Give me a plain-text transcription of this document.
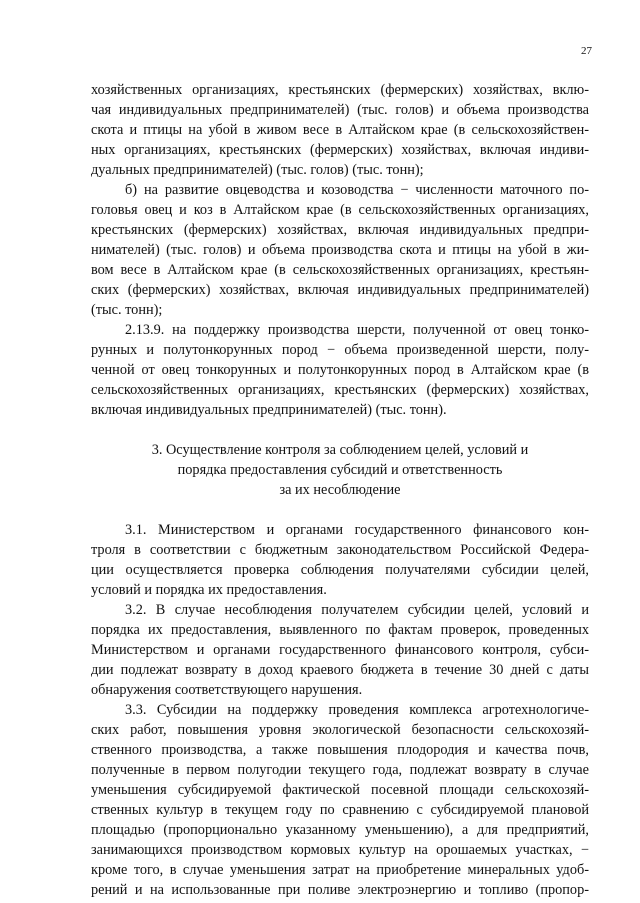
27
хозяйственных организациях, крестьянских (фермерских) хозяйствах, вклю-
чая индивидуальных предпринимателей) (тыс. голов) и объема производства
скота и птицы на убой в живом весе в Алтайском крае (в сельскохозяйствен-
ных организациях, крестьянских (фермерских) хозяйствах, включая индиви-
дуальных предпринимателей) (тыс. голов) (тыс. тонн);
б) на развитие овцеводства и козоводства − численности маточного по-
головья овец и коз в Алтайском крае (в сельскохозяйственных организациях,
крестьянских (фермерских) хозяйствах, включая индивидуальных предпри-
нимателей) (тыс. голов) и объема производства скота и птицы на убой в жи-
вом весе в Алтайском крае (в сельскохозяйственных организациях, крестьян-
ских (фермерских) хозяйствах, включая индивидуальных предпринимателей)
(тыс. тонн);
2.13.9. на поддержку производства шерсти, полученной от овец тонко-
рунных и полутонкорунных пород − объема произведенной шерсти, полу-
ченной от овец тонкорунных и полутонкорунных пород в Алтайском крае (в
сельскохозяйственных организациях, крестьянских (фермерских) хозяйствах,
включая индивидуальных предпринимателей) (тыс. тонн).
3. Осуществление контроля за соблюдением целей, условий и
порядка предоставления субсидий и ответственность
за их несоблюдение
3.1. Министерством и органами государственного финансового кон-
троля в соответствии с бюджетным законодательством Российской Федера-
ции осуществляется проверка соблюдения получателями субсидии целей,
условий и порядка их предоставления.
3.2. В случае несоблюдения получателем субсидии целей, условий и
порядка их предоставления, выявленного по фактам проверок, проведенных
Министерством и органами государственного финансового контроля, субси-
дии подлежат возврату в доход краевого бюджета в течение 30 дней с даты
обнаружения соответствующего нарушения.
3.3. Субсидии на поддержку проведения комплекса агротехнологиче-
ских работ, повышения уровня экологической безопасности сельскохозяй-
ственного производства, а также повышения плодородия и качества почв,
полученные в первом полугодии текущего года, подлежат возврату в случае
уменьшения субсидируемой фактической посевной площади сельскохозяй-
ственных культур в текущем году по сравнению с субсидируемой плановой
площадью (пропорционально указанному уменьшению), а для предприятий,
занимающихся производством кормовых культур на орошаемых участках, −
кроме того, в случае уменьшения затрат на приобретение минеральных удоб-
рений и на использованные при поливе электроэнергию и топливо (пропор-
